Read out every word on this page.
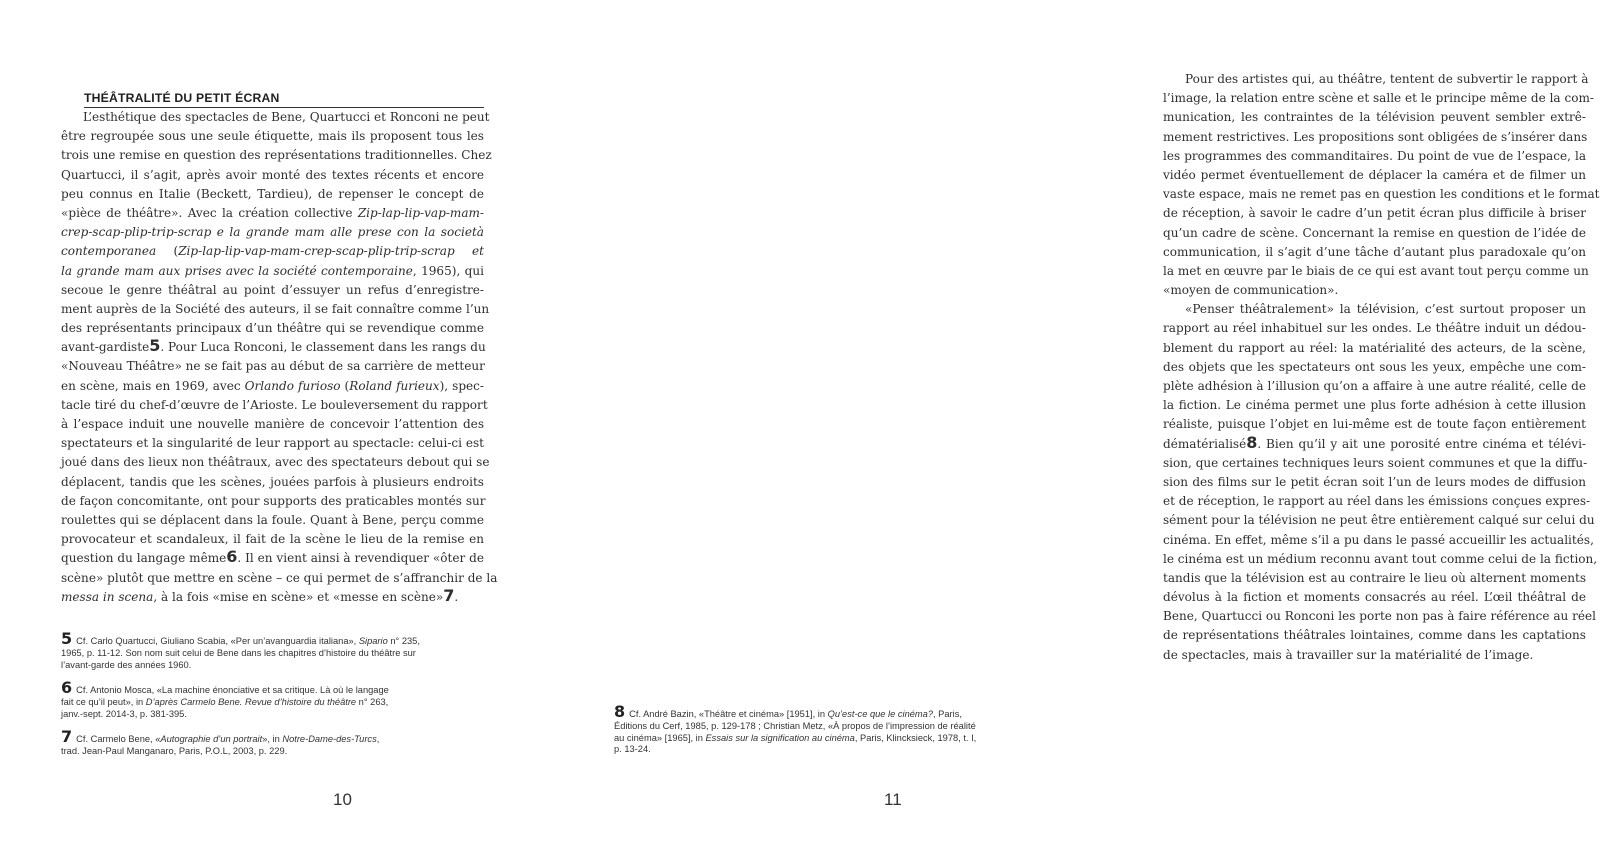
THÉÂTRALITÉ DU PETIT ÉCRAN
L’esthétique des spectacles de Bene, Quartucci et Ronconi ne peut
être regroupée sous une seule étiquette, mais ils proposent tous les
trois une remise en question des représentations traditionnelles. Chez
Quartucci, il s’agit, après avoir monté des textes récents et encore
peu connus en Italie (Beckett, Tardieu), de repenser le concept de
«pièce de théâtre». Avec la création collective Zip-lap-lip-vap-mam-
crep-scap-plip-trip-scrap e la grande mam alle prese con la società
contemporanea (Zip-lap-lip-vap-mam-crep-scap-plip-trip-scrap et
la grande mam aux prises avec la société contemporaine, 1965), qui
secoue le genre théâtral au point d’essuyer un refus d’enregistre-
ment auprès de la Société des auteurs, il se fait connaître comme l’un
des représentants principaux d’un théâtre qui se revendique comme
avant-gardiste5. Pour Luca Ronconi, le classement dans les rangs du
«Nouveau Théâtre» ne se fait pas au début de sa carrière de metteur
en scène, mais en 1969, avec Orlando furioso (Roland furieux), spec-
tacle tiré du chef-d’œuvre de l’Arioste. Le bouleversement du rapport
à l’espace induit une nouvelle manière de concevoir l’attention des
spectateurs et la singularité de leur rapport au spectacle: celui-ci est
joué dans des lieux non théâtraux, avec des spectateurs debout qui se
déplacent, tandis que les scènes, jouées parfois à plusieurs endroits
de façon concomitante, ont pour supports des praticables montés sur
roulettes qui se déplacent dans la foule. Quant à Bene, perçu comme
provocateur et scandaleux, il fait de la scène le lieu de la remise en
question du langage même6. Il en vient ainsi à revendiquer «ôter de
scène» plutôt que mettre en scène – ce qui permet de s’affranchir de la
messa in scena, à la fois «mise en scène» et «messe en scène»7.
5 Cf. Carlo Quartucci, Giuliano Scabia, «Per un’avanguardia italiana», Sipario n° 235,
1965, p. 11-12. Son nom suit celui de Bene dans les chapitres d’histoire du théâtre sur
l’avant-garde des années 1960.
6 Cf. Antonio Mosca, «La machine énonciative et sa critique. Là où le langage
fait ce qu’il peut», in D’après Carmelo Bene. Revue d’histoire du théâtre n° 263,
janv.-sept. 2014-3, p. 381-395.
7 Cf. Carmelo Bene, «Autographie d’un portrait», in Notre-Dame-des-Turcs,
trad. Jean-Paul Manganaro, Paris, P.O.L, 2003, p. 229.
10
Pour des artistes qui, au théâtre, tentent de subvertir le rapport à
l’image, la relation entre scène et salle et le principe même de la com-
munication, les contraintes de la télévision peuvent sembler extrê-
mement restrictives. Les propositions sont obligées de s’insérer dans
les programmes des commanditaires. Du point de vue de l’espace, la
vidéo permet éventuellement de déplacer la caméra et de filmer un
vaste espace, mais ne remet pas en question les conditions et le format
de réception, à savoir le cadre d’un petit écran plus difficile à briser
qu’un cadre de scène. Concernant la remise en question de l’idée de
communication, il s’agit d’une tâche d’autant plus paradoxale qu’on
la met en œuvre par le biais de ce qui est avant tout perçu comme un
«moyen de communication».
«Penser théâtralement» la télévision, c’est surtout proposer un
rapport au réel inhabituel sur les ondes. Le théâtre induit un dédou-
blement du rapport au réel: la matérialité des acteurs, de la scène,
des objets que les spectateurs ont sous les yeux, empêche une com-
plète adhésion à l’illusion qu’on a affaire à une autre réalité, celle de
la fiction. Le cinéma permet une plus forte adhésion à cette illusion
réaliste, puisque l’objet en lui-même est de toute façon entièrement
dématérialisé8. Bien qu’il y ait une porosité entre cinéma et télévi-
sion, que certaines techniques leurs soient communes et que la diffu-
sion des films sur le petit écran soit l’un de leurs modes de diffusion
et de réception, le rapport au réel dans les émissions conçues expres-
sément pour la télévision ne peut être entièrement calqué sur celui du
cinéma. En effet, même s’il a pu dans le passé accueillir les actualités,
le cinéma est un médium reconnu avant tout comme celui de la fiction,
tandis que la télévision est au contraire le lieu où alternent moments
dévolus à la fiction et moments consacrés au réel. L’œil théâtral de
Bene, Quartucci ou Ronconi les porte non pas à faire référence au réel
de représentations théâtrales lointaines, comme dans les captations
de spectacles, mais à travailler sur la matérialité de l’image.
8 Cf. André Bazin, «Théâtre et cinéma» [1951], in Qu’est-ce que le cinéma?, Paris,
Éditions du Cerf, 1985, p. 129-178 ; Christian Metz, «À propos de l’impression de réalité
au cinéma» [1965], in Essais sur la signification au cinéma, Paris, Klincksieck, 1978, t. I,
p. 13-24.
11
